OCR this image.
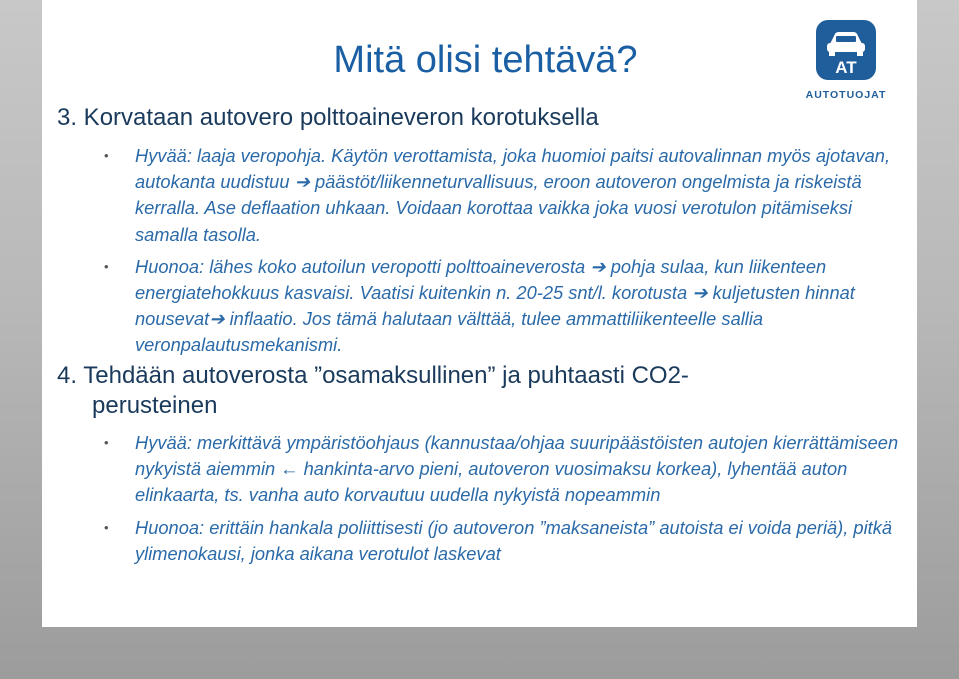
Mitä olisi tehtävä?	AT
AUTOTUOJAT
3. Korvataan autovero polttoaineveron korotuksella
• Hyvää: laaja veropohja. Käytön verottamista, joka huomioi paitsi autovalinnan myös ajotavan, autokanta uudistuu ➔ päästöt/liikenneturvallisuus, eroon autoveron ongelmista ja riskeistä kerralla. Ase deflaation uhkaan. Voidaan korottaa vaikka joka vuosi verotulon pitämiseksi samalla tasolla.
• Huonoa: lähes koko autoilun veropotti polttoaineverosta ➔ pohja sulaa, kun liikenteen energiatehokkuus kasvaisi. Vaatisi kuitenkin n. 20-25 snt/l. korotusta ➔ kuljetusten hinnat nousevat➔ inflaatio. Jos tämä halutaan välttää, tulee ammattiliikenteelle sallia veronpalautusmekanismi.
4. Tehdään autoverosta ”osamaksullinen” ja puhtaasti CO2-
perusteinen
• Hyvää: merkittävä ympäristöohjaus (kannustaa/ohjaa suuripäästöisten autojen kierrättämiseen nykyistä aiemmin ← hankinta-arvo pieni, autoveron vuosimaksu korkea), lyhentää auton elinkaarta, ts. vanha auto korvautuu uudella nykyistä nopeammin
• Huonoa: erittäin hankala poliittisesti (jo autoveron ”maksaneista” autoista ei voida periä), pitkä ylimenokausi, jonka aikana verotulot laskevat
